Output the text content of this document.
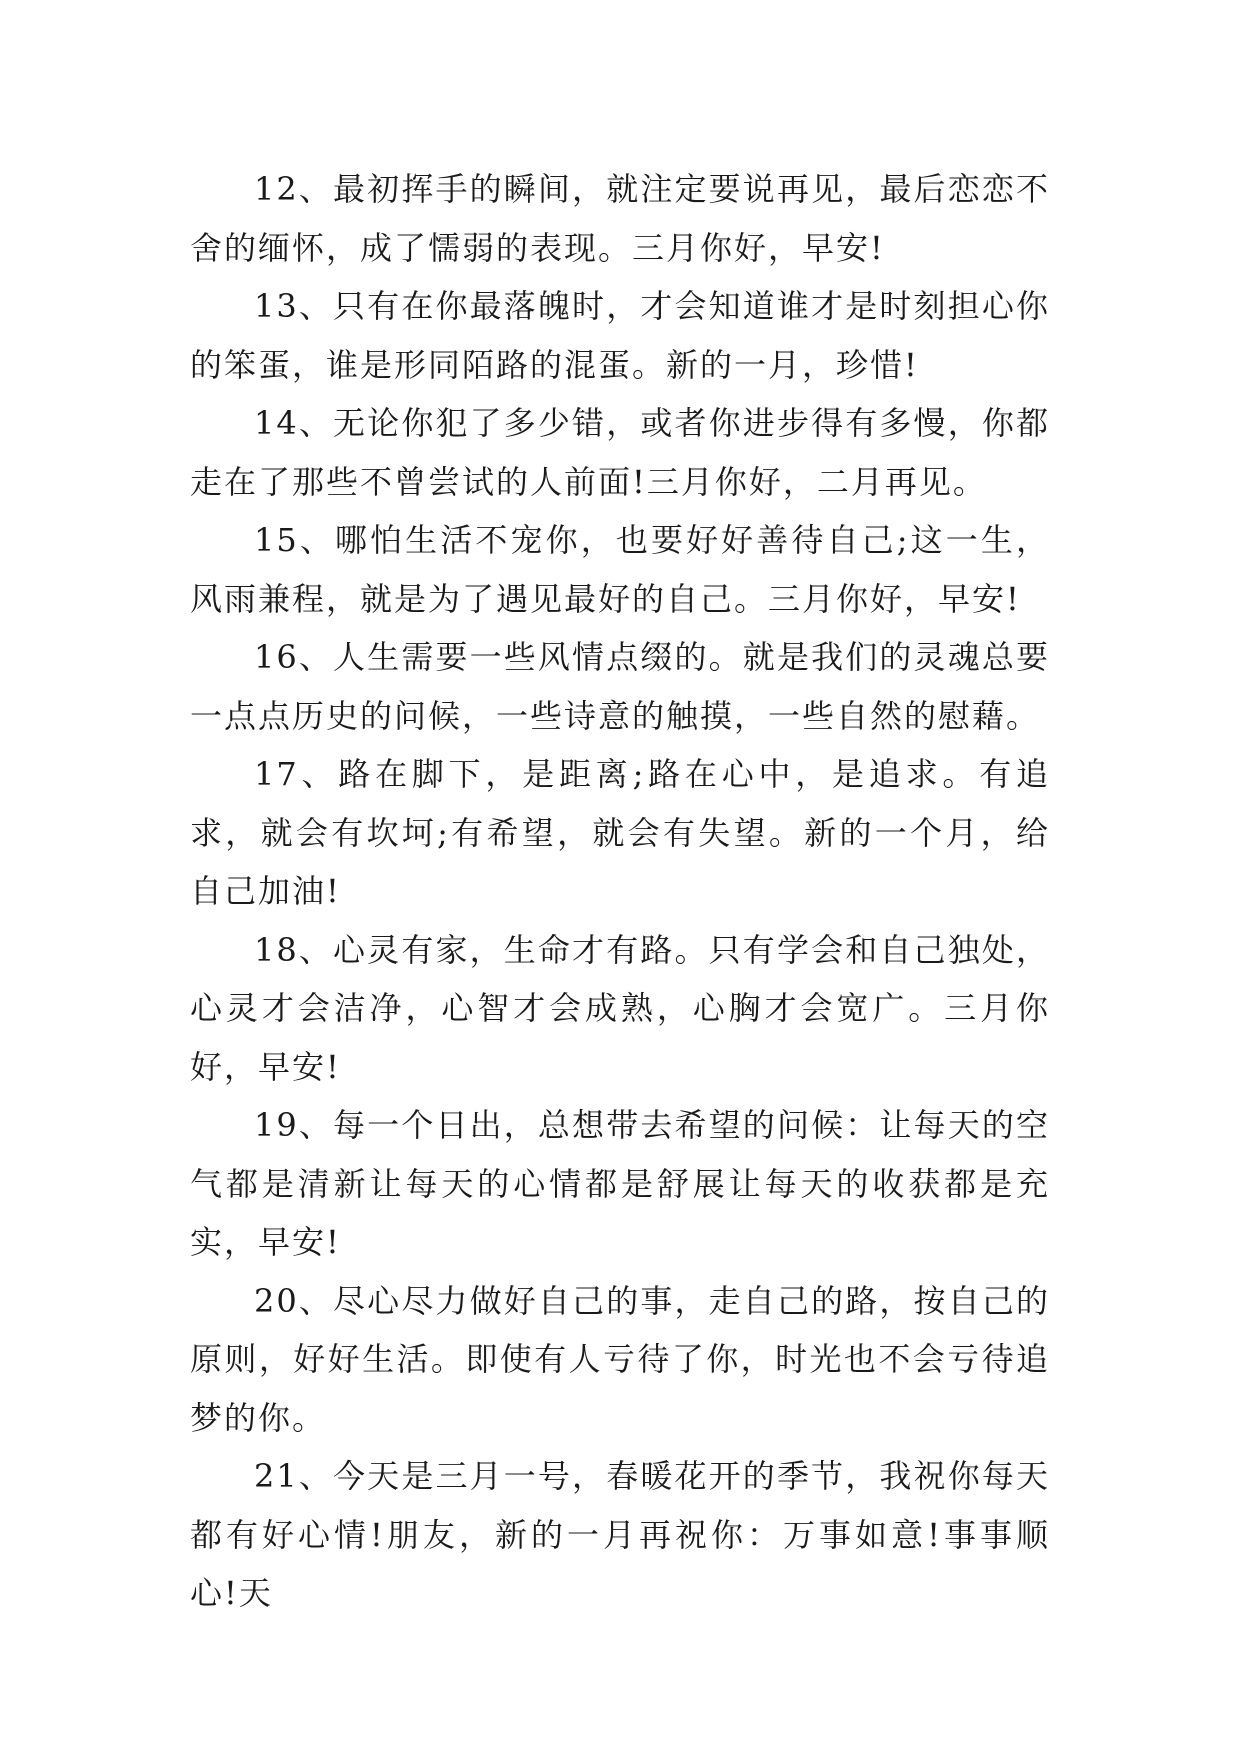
12、最初挥手的瞬间，就注定要说再见，最后恋恋不舍的缅怀，成了懦弱的表现。三月你好，早安!

13、只有在你最落魄时，才会知道谁才是时刻担心你的笨蛋，谁是形同陌路的混蛋。新的一月，珍惜!

14、无论你犯了多少错，或者你进步得有多慢，你都走在了那些不曾尝试的人前面!三月你好，二月再见。

15、哪怕生活不宠你，也要好好善待自己;这一生，风雨兼程，就是为了遇见最好的自己。三月你好，早安!

16、人生需要一些风情点缀的。就是我们的灵魂总要一点点历史的问候，一些诗意的触摸，一些自然的慰藉。

17、路在脚下，是距离;路在心中，是追求。有追求，就会有坎坷;有希望，就会有失望。新的一个月，给自己加油!

18、心灵有家，生命才有路。只有学会和自己独处，心灵才会洁净，心智才会成熟，心胸才会宽广。三月你好，早安!

19、每一个日出，总想带去希望的问候：让每天的空气都是清新让每天的心情都是舒展让每天的收获都是充实，早安!

20、尽心尽力做好自己的事，走自己的路，按自己的原则，好好生活。即使有人亏待了你，时光也不会亏待追梦的你。

21、今天是三月一号，春暖花开的季节，我祝你每天都有好心情!朋友，新的一月再祝你：万事如意!事事顺心!天
